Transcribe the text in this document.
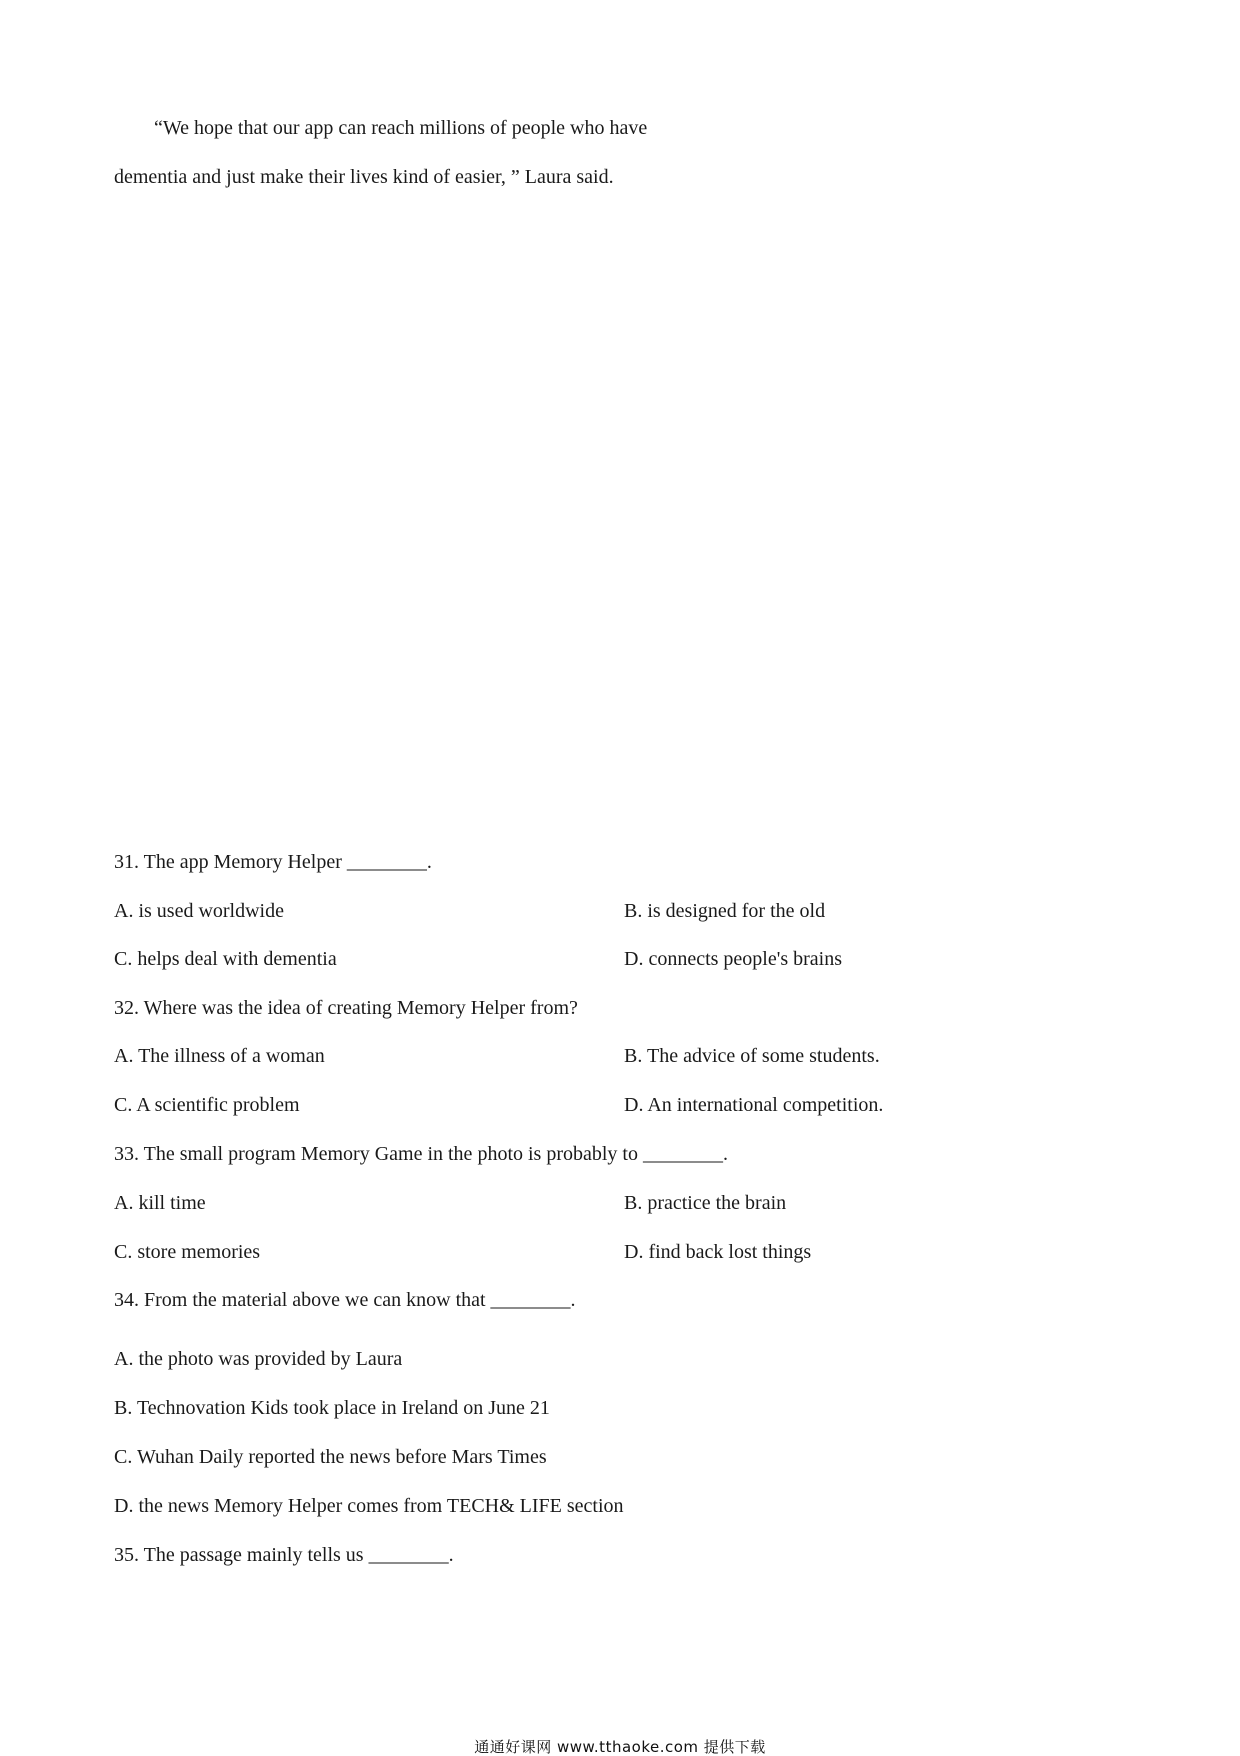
“We hope that our app can reach millions of people who have
dementia and just make their lives kind of easier, ” Laura said.
31. The app Memory Helper ________.
A. is used worldwide	B. is designed for the old
C. helps deal with dementia	D. connects people's brains
32. Where was the idea of creating Memory Helper from?
A. The illness of a woman	B. The advice of some students.
C. A scientific problem	D. An international competition.
33. The small program Memory Game in the photo is probably to ________.
A. kill time	B. practice the brain
C. store memories	D. find back lost things
34. From the material above we can know that ________.
A. the photo was provided by Laura
B. Technovation Kids took place in Ireland on June 21
C. Wuhan Daily reported the news before Mars Times
D. the news Memory Helper comes from TECH& LIFE section
35. The passage mainly tells us ________.
通通好课网 www.tthaoke.com 提供下载
